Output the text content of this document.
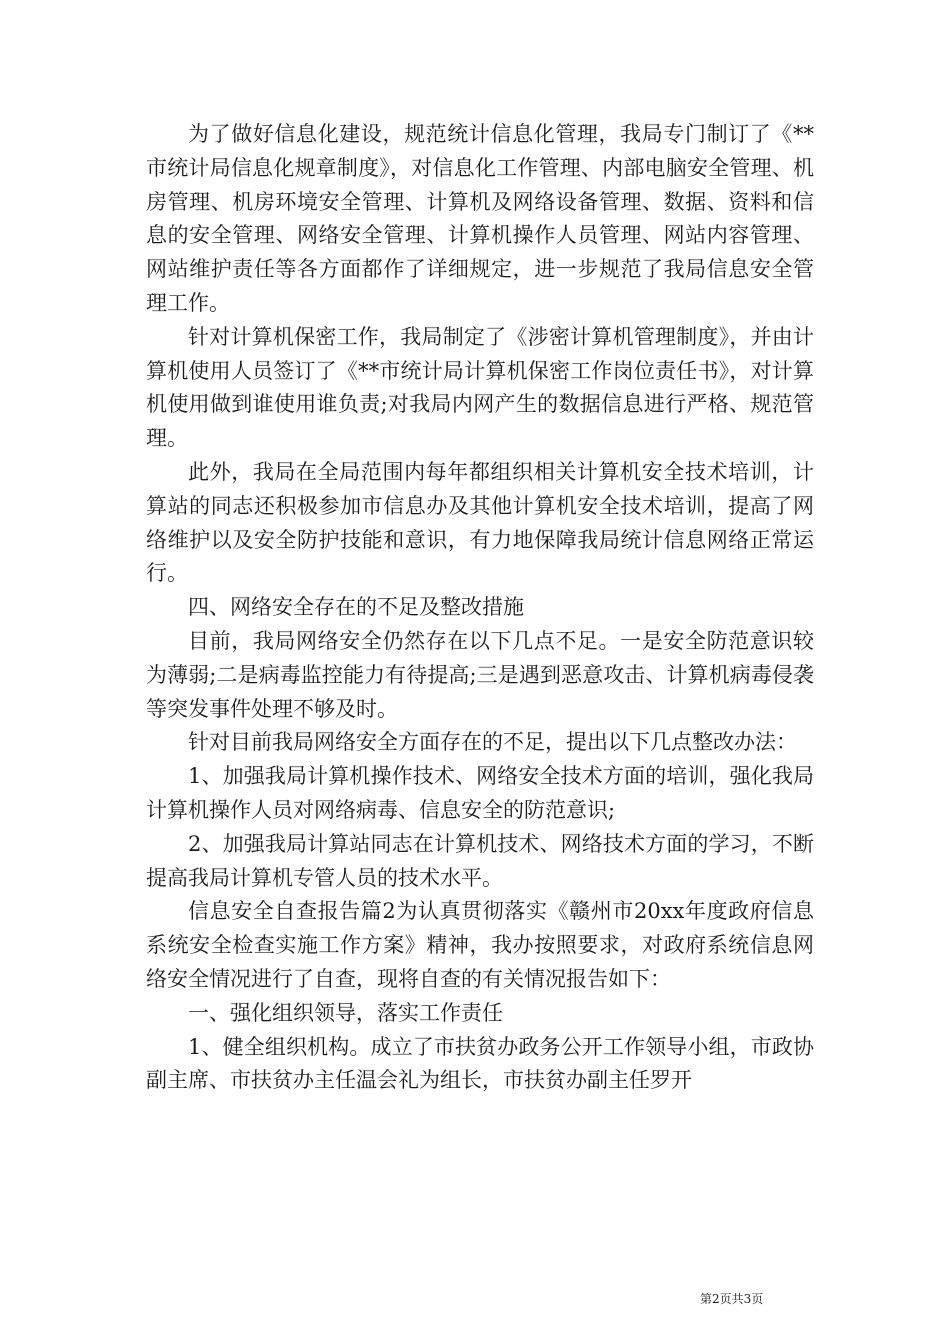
为了做好信息化建设，规范统计信息化管理，我局专门制订了《**市统计局信息化规章制度》，对信息化工作管理、内部电脑安全管理、机房管理、机房环境安全管理、计算机及网络设备管理、数据、资料和信息的安全管理、网络安全管理、计算机操作人员管理、网站内容管理、网站维护责任等各方面都作了详细规定，进一步规范了我局信息安全管理工作。

针对计算机保密工作，我局制定了《涉密计算机管理制度》，并由计算机使用人员签订了《**市统计局计算机保密工作岗位责任书》，对计算机使用做到谁使用谁负责;对我局内网产生的数据信息进行严格、规范管理。

此外，我局在全局范围内每年都组织相关计算机安全技术培训，计算站的同志还积极参加市信息办及其他计算机安全技术培训，提高了网络维护以及安全防护技能和意识，有力地保障我局统计信息网络正常运行。

四、网络安全存在的不足及整改措施

目前，我局网络安全仍然存在以下几点不足。一是安全防范意识较为薄弱;二是病毒监控能力有待提高;三是遇到恶意攻击、计算机病毒侵袭等突发事件处理不够及时。

针对目前我局网络安全方面存在的不足，提出以下几点整改办法：

1、加强我局计算机操作技术、网络安全技术方面的培训，强化我局计算机操作人员对网络病毒、信息安全的防范意识;

2、加强我局计算站同志在计算机技术、网络技术方面的学习，不断提高我局计算机专管人员的技术水平。

信息安全自查报告篇2为认真贯彻落实《赣州市20xx年度政府信息系统安全检查实施工作方案》精神，我办按照要求，对政府系统信息网络安全情况进行了自查，现将自查的有关情况报告如下：

一、强化组织领导，落实工作责任

1、健全组织机构。成立了市扶贫办政务公开工作领导小组，市政协副主席、市扶贫办主任温会礼为组长，市扶贫办副主任罗开

第2页共3页
